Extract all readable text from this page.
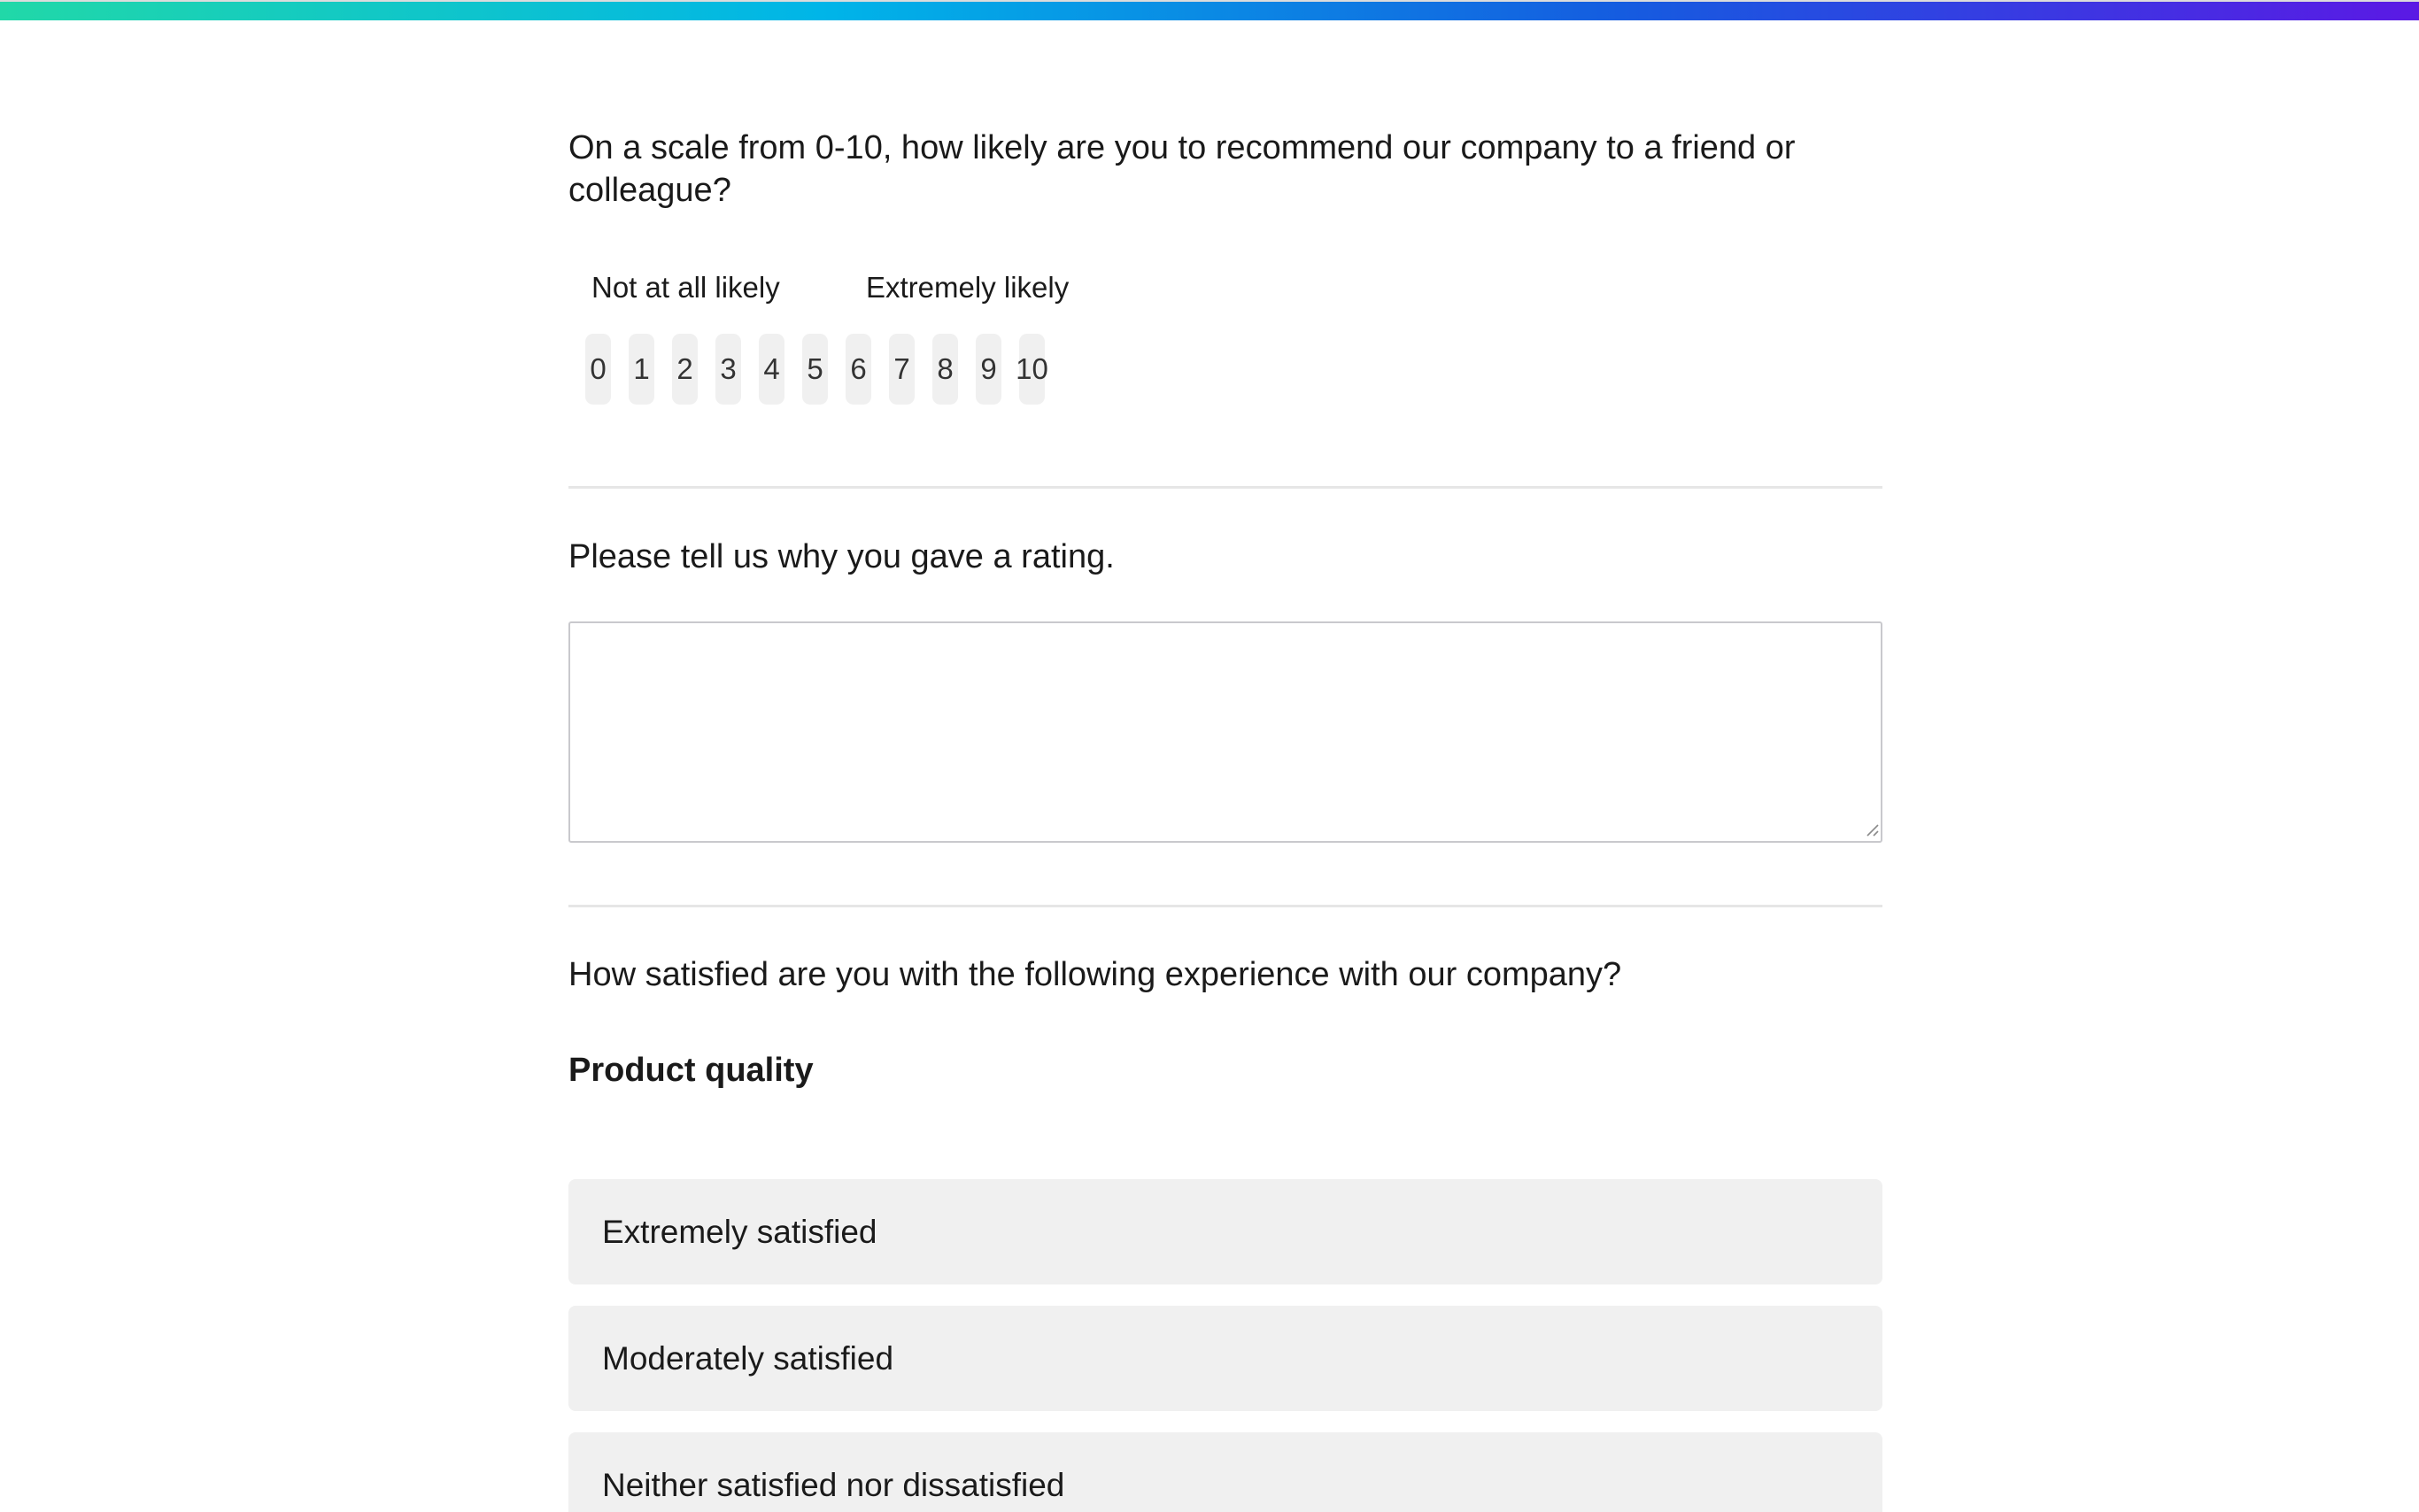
On a scale from 0-10, how likely are you to recommend our company to a friend or colleague?
Not at all likely	Extremely likely
0 1 2 3 4 5 6 7 8 9 10
Please tell us why you gave a rating.
How satisfied are you with the following experience with our company?
Product quality
Extremely satisfied
Moderately satisfied
Neither satisfied nor dissatisfied
